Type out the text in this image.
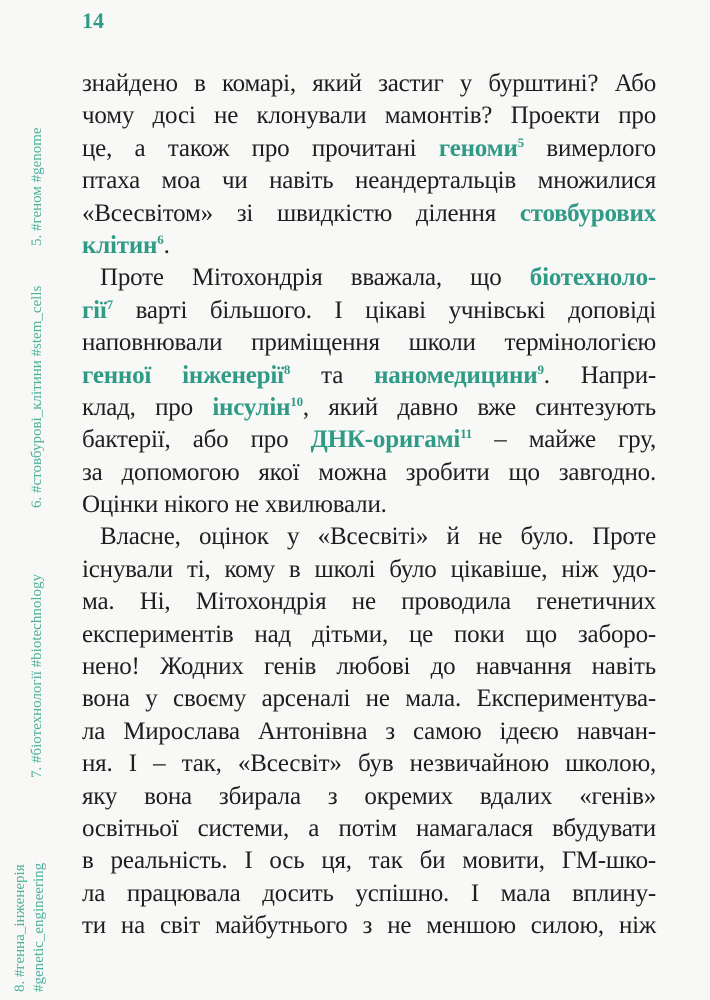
14
5. #геном #genome
6. #стовбурові_клітини #stem_cells
7. #біотехнології #biotechnology
8. #генна_інженерія #genetic_engineering
знайдено в комарі, який застиг у бурштині? Або
чому досі не клонували мамонтів? Проекти про
це, а також про прочитані геноми$^5$ вимерлого
птаха моа чи навіть неандертальців множилися
«Всесвітом» зі швидкістю ділення стовбурових
клітин$^6$.
Проте Мітохондрія вважала, що біотехноло-
гії$^7$ варті більшого. І цікаві учнівські доповіді
наповнювали приміщення школи термінологією
генної інженерії$^8$ та наномедицини$^9$. Напри-
клад, про інсулін$^{10}$, який давно вже синтезують
бактерії, або про ДНК-оригамі$^{11}$ – майже гру,
за допомогою якої можна зробити що завгодно.
Оцінки нікого не хвилювали.
Власне, оцінок у «Всесвіті» й не було. Проте
існували ті, кому в школі було цікавіше, ніж удо-
ма. Ні, Мітохондрія не проводила генетичних
експериментів над дітьми, це поки що заборо-
нено! Жодних генів любові до навчання навіть
вона у своєму арсеналі не мала. Експериментува-
ла Мирослава Антонівна з самою ідеєю навчан-
ня. І – так, «Всесвіт» був незвичайною школою,
яку вона збирала з окремих вдалих «генів»
освітньої системи, а потім намагалася вбудувати
в реальність. І ось ця, так би мовити, ГМ-шко-
ла працювала досить успішно. І мала вплину-
ти на світ майбутнього з не меншою силою, ніж
